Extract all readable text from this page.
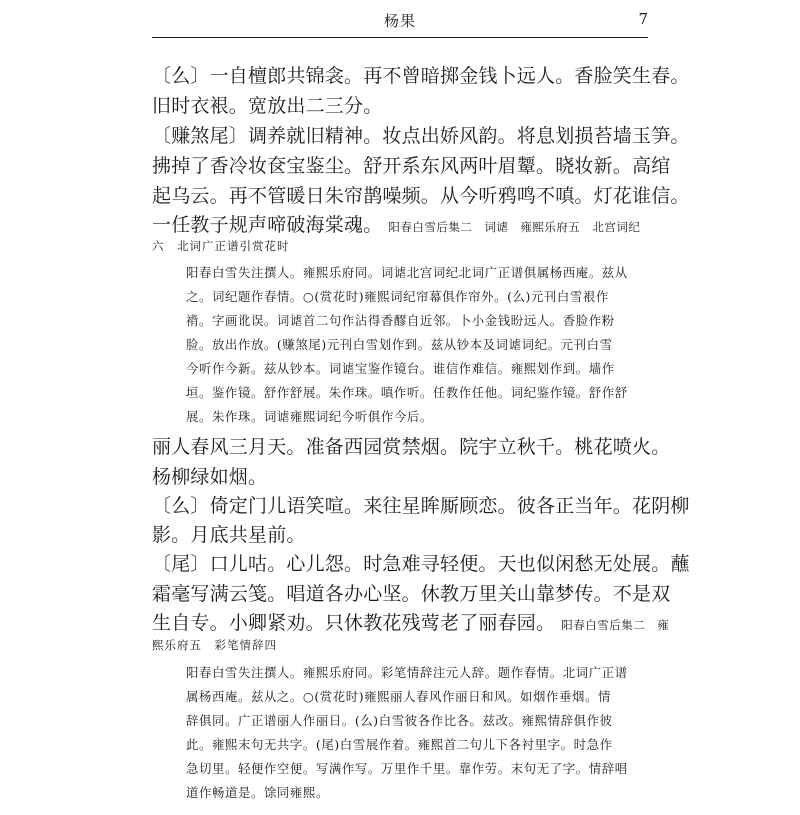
杨果	7
〔么〕一自檀郎共锦衾。再不曾暗掷金钱卜远人。香脸笑生春。
旧时衣裉。宽放出二三分。
〔赚煞尾〕调养就旧精神。妆点出娇风韵。将息划损苔墙玉笋。
拂掉了香冷妆奁宝鉴尘。舒开系东风两叶眉颦。晓妆新。高绾
起乌云。再不管暖日朱帘鹊噪频。从今听鸦鸣不嗔。灯花谁信。
一任教子规声啼破海棠魂。 阳春白雪后集二　词谑　雍熙乐府五　北宫词纪
六　北词广正谱引赏花时
阳春白雪失注撰人。雍熙乐府同。词谑北宫词纪北词广正谱俱属杨西庵。兹从
之。词纪题作春情。○(赏花时)雍熙词纪帘幕俱作帘外。(么)元刊白雪裉作
褙。字画讹误。词谑首二句作沾得香醪自近邻。卜小金钱盼远人。香脸作粉
脸。放出作放。(赚煞尾)元刊白雪划作到。兹从钞本及词谑词纪。元刊白雪
今听作今新。兹从钞本。词谑宝鉴作镜台。谁信作难信。雍熙划作到。墙作
垣。鉴作镜。舒作舒展。朱作珠。嗔作听。任教作任他。词纪鉴作镜。舒作舒
展。朱作珠。词谑雍熙词纪今听俱作今后。
丽人春风三月天。准备西园赏禁烟。院宇立秋千。桃花喷火。
杨柳绿如烟。
〔么〕倚定门儿语笑喧。来往星眸厮顾恋。彼各正当年。花阴柳
影。月底共星前。
〔尾〕口儿咕。心儿怨。时急难寻轻便。天也似闲愁无处展。蘸
霜毫写满云笺。唱道各办心坚。休教万里关山靠梦传。不是双
生自专。小卿紧劝。只休教花残莺老了丽春园。 阳春白雪后集二　雍
熙乐府五　彩笔情辞四
阳春白雪失注撰人。雍熙乐府同。彩笔情辞注元人辞。题作春情。北词广正谱
属杨西庵。兹从之。○(赏花时)雍熙丽人春风作丽日和风。如烟作垂烟。情
辞俱同。广正谱丽人作丽日。(么)白雪彼各作比各。兹改。雍熙情辞俱作彼
此。雍熙末句无共字。(尾)白雪展作着。雍熙首二句儿下各衬里字。时急作
急切里。轻便作空便。写满作写。万里作千里。靠作劳。末句无了字。情辞唱
道作畅道是。馀同雍熙。
